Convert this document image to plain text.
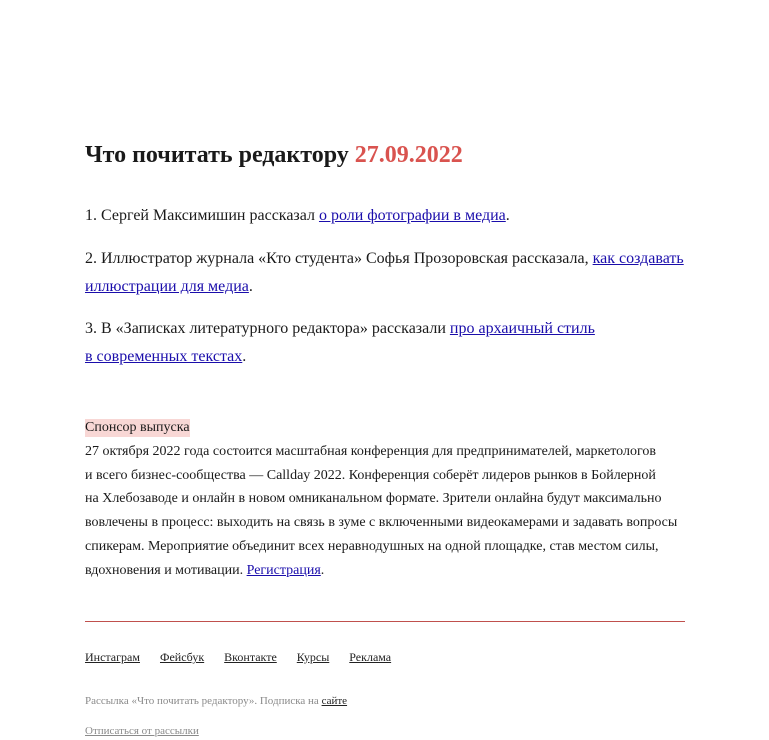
Что почитать редактору 27.09.2022

1. Сергей Максимишин рассказал о роли фотографии в медиа.

2. Иллюстратор журнала «Кто студента» Софья Прозоровская рассказала, как создавать иллюстрации для медиа.

3. В «Записках литературного редактора» рассказали про архаичный стиль
в современных текстах.

Спонсор выпуска

27 октября 2022 года состоится масштабная конференция для предпринимателей, маркетологов

и всего бизнес-сообщества — Callday 2022. Конференция соберёт лидеров рынков в Бойлерной

на Хлебозаводе и онлайн в новом омниканальном формате. Зрители онлайна будут максимально

вовлечены в процесс: выходить на связь в зуме с включенными видеокамерами и задавать вопросы

спикерам. Мероприятие объединит всех неравнодушных на одной площадке, став местом силы,

вдохновения и мотивации. Регистрация.

Инстаграм Фейсбук Вконтакте Курсы Реклама
Рассылка «Что почитать редактору». Подписка на сайте
Отписаться от рассылки
